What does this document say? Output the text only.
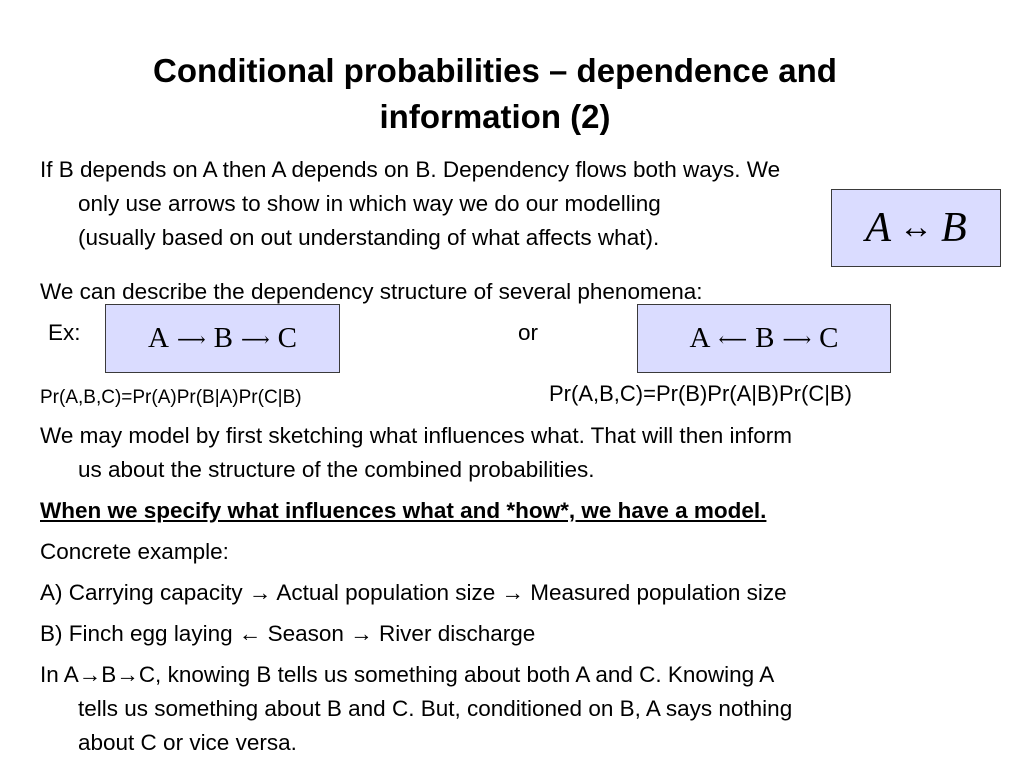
Conditional probabilities – dependence and
information (2)
If B depends on A then A depends on B. Dependency flows both ways. We
only use arrows to show in which way we do our modelling
(usually based on out understanding of what affects what).	A ↔ B
We can describe the dependency structure of several phenomena:
Ex:	or
A ⟶ B ⟶ C	A ⟵ B ⟶ C
Pr(A,B,C)=Pr(A)Pr(B|A)Pr(C|B)	Pr(A,B,C)=Pr(B)Pr(A|B)Pr(C|B)
We may model by first sketching what influences what. That will then inform
us about the structure of the combined probabilities.
When we specify what influences what and *how*, we have a model.
Concrete example:
A) Carrying capacity → Actual population size → Measured population size
B) Finch egg laying ← Season → River discharge
In A→B→C, knowing B tells us something about both A and C. Knowing A
tells us something about B and C. But, conditioned on B, A says nothing
about C or vice versa.
